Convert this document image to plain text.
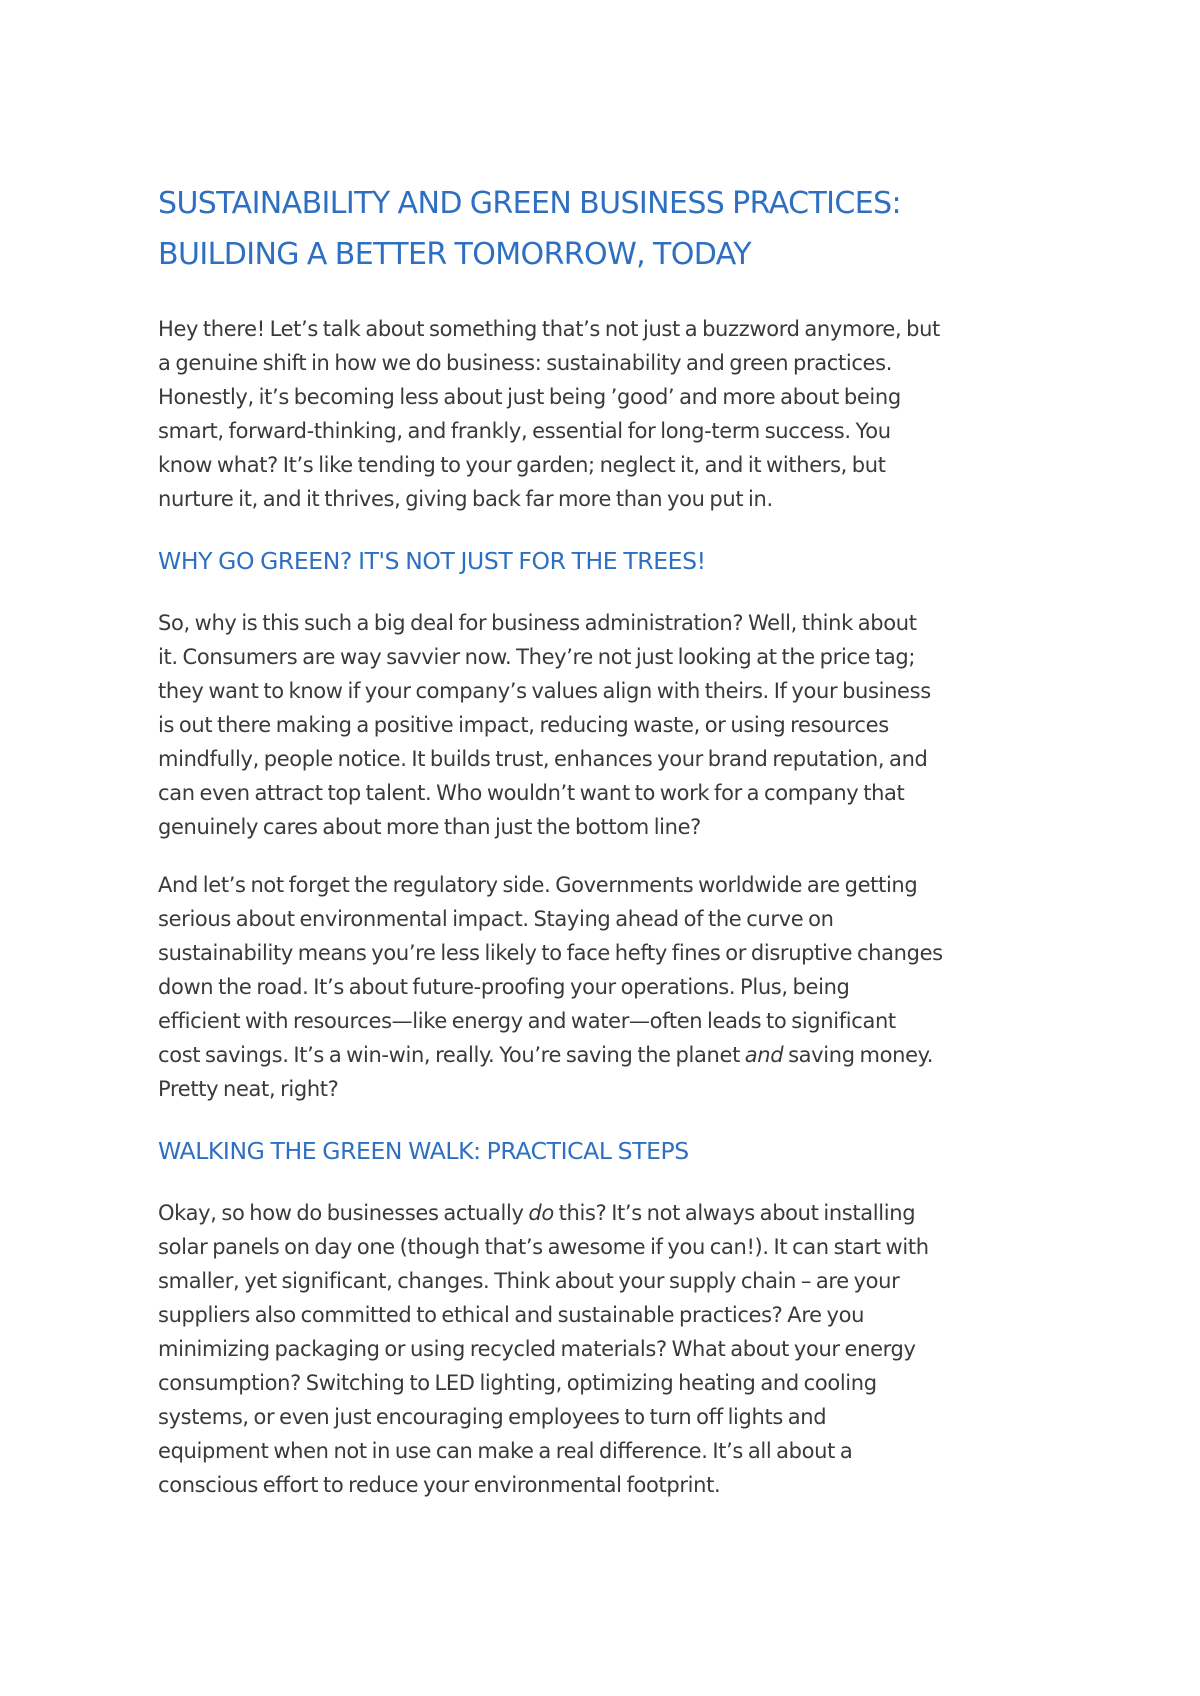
SUSTAINABILITY AND GREEN BUSINESS PRACTICES:
BUILDING A BETTER TOMORROW, TODAY

Hey there! Let’s talk about something that’s not just a buzzword anymore, but
a genuine shift in how we do business: sustainability and green practices.
Honestly, it’s becoming less about just being ’good’ and more about being
smart, forward-thinking, and frankly, essential for long-term success. You
know what? It’s like tending to your garden; neglect it, and it withers, but
nurture it, and it thrives, giving back far more than you put in.

WHY GO GREEN? IT'S NOT JUST FOR THE TREES!

So, why is this such a big deal for business administration? Well, think about
it. Consumers are way savvier now. They’re not just looking at the price tag;
they want to know if your company’s values align with theirs. If your business
is out there making a positive impact, reducing waste, or using resources
mindfully, people notice. It builds trust, enhances your brand reputation, and
can even attract top talent. Who wouldn’t want to work for a company that
genuinely cares about more than just the bottom line?

And let’s not forget the regulatory side. Governments worldwide are getting
serious about environmental impact. Staying ahead of the curve on
sustainability means you’re less likely to face hefty fines or disruptive changes
down the road. It’s about future-proofing your operations. Plus, being
efficient with resources—like energy and water—often leads to significant
cost savings. It’s a win-win, really. You’re saving the planet and saving money.
Pretty neat, right?

WALKING THE GREEN WALK: PRACTICAL STEPS

Okay, so how do businesses actually do this? It’s not always about installing
solar panels on day one (though that’s awesome if you can!). It can start with
smaller, yet significant, changes. Think about your supply chain – are your
suppliers also committed to ethical and sustainable practices? Are you
minimizing packaging or using recycled materials? What about your energy
consumption? Switching to LED lighting, optimizing heating and cooling
systems, or even just encouraging employees to turn off lights and
equipment when not in use can make a real difference. It’s all about a
conscious effort to reduce your environmental footprint.
